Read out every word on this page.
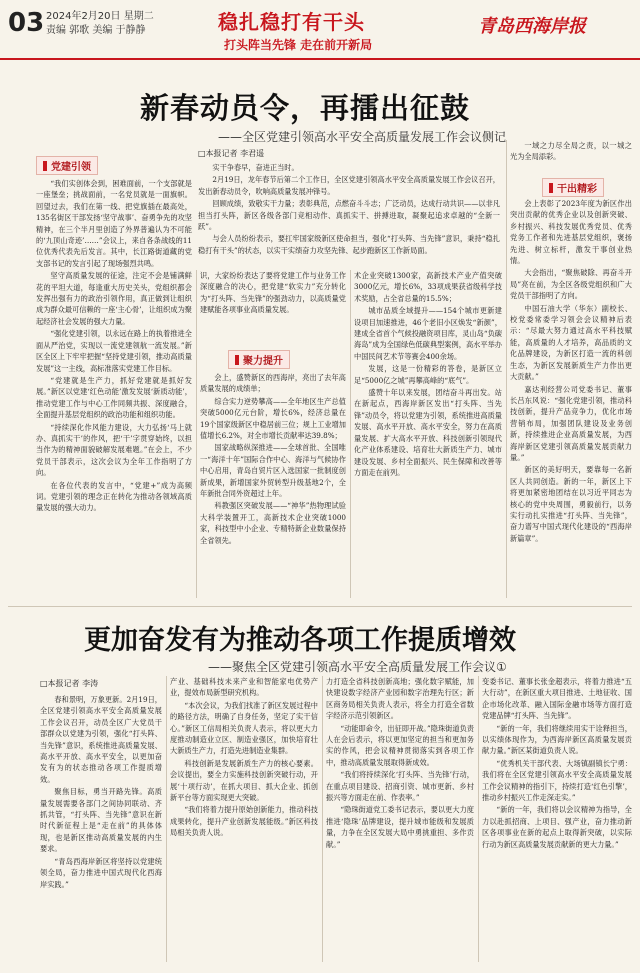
03 2024年2月20日 星期二
责编 郭歌 美编 于静静	稳扎稳打有干头
打头阵当先锋 走在前开新局
青岛西海岸报
新春动员令，再擂出征鼓
——全区党建引领高水平安全高质量发展工作会议侧记
□本报记者 李君遥

实干争春早，奋进正当时。

2月19日，龙年春节后第二个工作日，全区党建引领高水平安全高质量发展工作会议召开，发出新春动员令，吹响高质量发展冲锋号。

回顾成绩，致敬实干力量；表彰典范，点燃奋斗斗志；广泛动员，达成行动共识——以非凡担当打头阵，新区各级各部门竞相动作、真抓实干、拼搏进取，凝聚起追求卓越的“全新一跃”。

与会人员纷纷表示，要扛牢国家级新区使命担当，强化“打头阵、当先锋”意识，秉持“稳扎稳打有干头”的状态，以实干实绩奋力攻坚先锋、起步跑新区工作新局面。

党建引领

“我们实创体会到，困难面前，一个支部就是一座堡垒；挑战面前，一名党员就是一面旗帜。回望过去，我们在第一线、把党旗插在最高处，135名街区干部发扬‘坚守战事’、奋勇争先的攻坚精神，在三个半月里创造了外界普遍认为不可能的‘九顶山奇迹’……”会议上，来自各条战线的11位优秀代表先后发言。其中，长江路街道藏的党支部书记的发言引起了现场强烈共鸣。

坚守高质量发展的征途，注定不会是铺满鲜花的平坦大道，每逢重大历史关头，党组织都会发挥出强有力的政治引领作用，真正做到让组织成为群众最可信赖的一座‘主心骨’，让组织成为聚起经济社会发展的强大力量。

“强化党建引领，以永远在路上的执着推进全面从严治党，实现以一流党建领航一流发展。”新区全区上下牢牢把握“坚持党建引领，推动高质量发展”这一主线，高标准落实党建工作目标。

“党建就是生产力，抓好党建就是抓好发展。”新区以党建‘红色动能’激发发展‘新质动能’，推动党建工作与中心工作同频共振、深度融合，全面提升基层党组织的政治功能和组织功能。

“持续深化作风能力建设，大力弘扬‘马上就办、真抓实干’的作风，把‘干’字贯穿始终，以担当作为的精神面貌破解发展难题。”在会上，不少党员干部表示，这次会议为全年工作指明了方向。

在各位代表的发言中，“党建+”成为高频词。党建引领的理念正在转化为推动各领域高质量发展的强大动力。

识，大家纷纷表达了要将党建工作与业务工作深度融合的决心，把党建“软实力”充分转化为“打头阵、当先锋”的强劲动力，以高质量党建赋能各项事业高质量发展。

聚力提升

会上，盛赞新区的西海岸，亮出了去年高质量发展的成绩单；

综合实力逆势攀高——全年地区生产总值突破5000亿元台阶，增长6%，经济总量在19个国家级新区中稳居前三位；规上工业增加值增长6.2%，对全市增长贡献率达39.8%；

国家战略纵深推进——全球首批、全国唯一“海洋十年”国际合作中心、海洋与气候协作中心启用，青岛自贸片区入选国家一批制度创新成果，新增国家外贸转型升级基地2个，全年新批合同外资超过上年。

科教强区突破发展——“神华”热物理试验大科学装置开工，高新技术企业突破1000家，科技型中小企业、专精特新企业数量保持全省领先。

术企业突破1300家，高新技术产业产值突破3000亿元，增长6%，33项成果获省级科学技术奖励，占全省总量的15.5%；

城市品质全域提升——154个城市更新建设项目加速推进，46个老旧小区焕发“新颜”，建成全省首个气候投融资项目库，灵山岛“负碳海岛”成为全国绿色低碳典型案例，高水平举办中国民间艺术节等赛会400余场。

发展，这是一份精彩的答卷，是新区立足“5000亿之城”再攀高峰的“底气”。

盛赞十年以来发展，团结奋斗再出发。站在新起点，西海岸新区发出“打头阵、当先锋”动员令，将以党建为引领，系统推进高质量发展、高水平开放、高水平安全，努力在高质量发展、扩大高水平开放、科技创新引领现代化产业体系建设、培育壮大新质生产力、城市建设发展、乡村全面振兴、民生保障和改善等方面走在前列。

一域之力尽全局之责，以一城之光为全局添彩。

干出精彩

会上表彰了2023年度为新区作出突出贡献的优秀企业以及创新突破、乡村振兴、科技发展优秀党员、优秀党务工作者和先进基层党组织，褒扬先进、树立标杆，激发干事创业热情。

大会指出，“聚焦破除、再奋斗开局”亮在前，为全区各级党组织和广大党员干部指明了方向。

中国石油大学（华东）副校长、校党委常委学习领会会议精神后表示：“尽最大努力通过高水平科技赋能，高质量的人才培养，高品质的文化品牌建设，为新区打造一流的科创生态，为新区发展新质生产力作出更大贡献。”

嘉达利经营公司党委书记、董事长吕东风说：“强化党建引领，推动科技创新，提升产品竞争力，优化市场营销布局，加强团队建设及业务创新，持续推进企业高质量发展，为西海岸新区党建引领高质量发展贡献力量。”

新区的美好明天，要靠每一名新区人共同创造。新的一年，新区上下将更加紧密地团结在以习近平同志为核心的党中央周围，勇毅前行，以务实行动扎实推进“打头阵、当先锋”，奋力谱写中国式现代化建设的“西海岸新篇章”。

更加奋发有为推动各项工作提质增效
——聚焦全区党建引领高水平安全高质量发展工作会议①
□本报记者 李涛

春和景明，万象更新。2月19日，全区党建引领高水平安全高质量发展工作会议召开，动员全区广大党员干部群众以党建为引领，强化“打头阵、当先锋”意识，系统推进高质量发展、高水平开放、高水平安全，以更加奋发有为的状态推动各项工作提质增效。

聚焦目标，勇当开路先锋。高质量发展需要各部门之间协同联动、齐抓共管，“打头阵、当先锋”意识在新时代新征程上是“走在前”的具体体现，也是新区推动高质量发展的内生要求。

“青岛西海岸新区将坚持以党建统领全局，奋力推进中国式现代化西海岸实践。”

产业、基础科技未来产业和智能家电优势产业，提效布局新型研究机构。

“本次会议，为我们找准了新区发展过程中的路径方法，明确了自身任务，坚定了实干信心。”新区工信局相关负责人表示，将以更大力度推动制造业立区、制造业强区，加快培育壮大新质生产力，打造先进制造业集群。

科技创新是发展新质生产力的核心要素。会议提出，要全力实施科技创新突破行动，开展‘十项行动’，在抓大项目、抓大企业、抓创新平台等方面实现更大突破。

“我们将着力提升原始创新能力，推动科技成果转化，提升产业创新发展能级。”新区科技局相关负责人说。

力打造全省科技创新高地；强化数字赋能，加快建设数字经济产业园和数字治理先行区；新区商务局相关负责人表示，将全力打造全省数字经济示范引领新区。

“动能即命令，出征即开战。”隐珠街道负责人在会后表示，将以更加坚定的担当和更加务实的作风，把会议精神贯彻落实到各项工作中，推动高质量发展取得新成效。

“我们将持续深化‘打头阵、当先锋’行动，在重点项目建设、招商引资、城市更新、乡村振兴等方面走在前、作表率。”

“隐珠街道党工委书记表示，要以更大力度推进‘隐珠’品牌建设，提升城市能级和发展质量，力争在全区发展大局中勇挑重担、多作贡献。”

变委书记、董事长张金超表示，将着力推进“五大行动”，在新区重大项目推进、土地征收、国企市场化改革、融入国际金融市场等方面打造党建品牌“打头阵、当先锋”。

“新的一年，我们将继续用实干诠释担当，以实绩体现作为，为西海岸新区高质量发展贡献力量。”新区某街道负责人说。

“优秀机关干部代表、大场镇副镇长宁勇：我们将在全区党建引领高水平安全高质量发展工作会议精神的指引下，持续打造‘红色引擎’，推动乡村振兴工作走深走实。”

“新的一年，我们将以会议精神为指导，全力以赴抓招商、上项目、强产业，奋力推动新区各项事业在新的起点上取得新突破，以实际行动为新区高质量发展贡献新的更大力量。”
